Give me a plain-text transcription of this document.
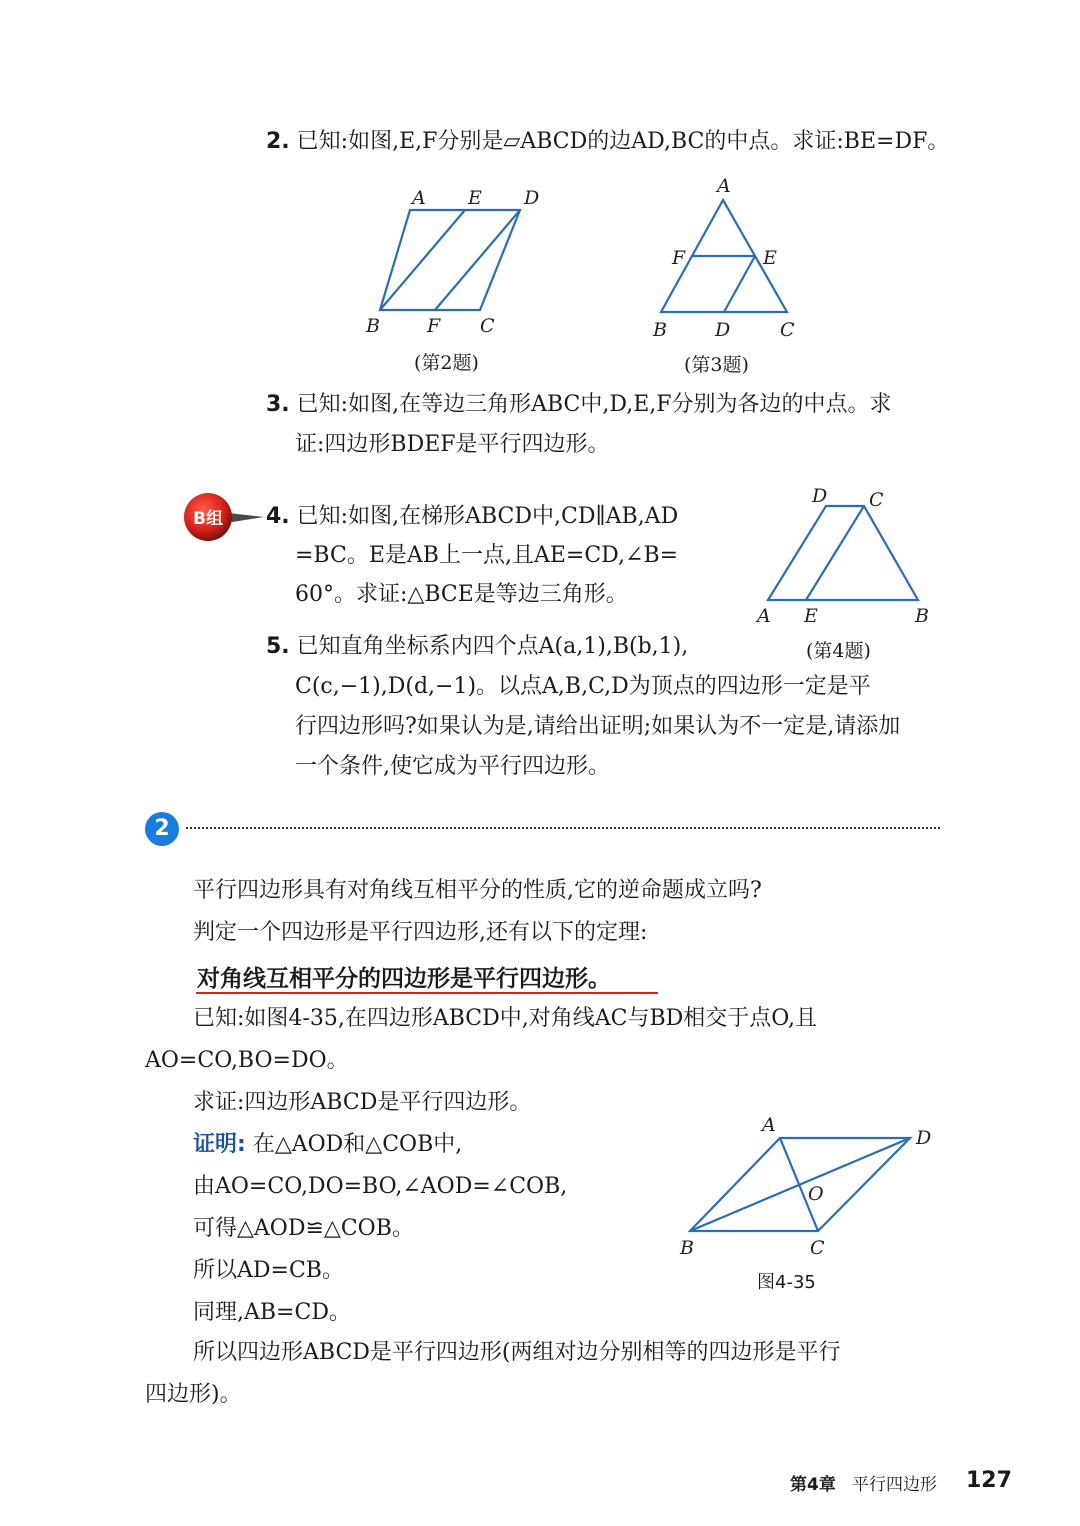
2. 已知:如图,E,F分别是▱ABCD的边AD,BC的中点。求证:BE=DF。
A E D
B F C
(第2题)
A
F	E
B	D	C
(第3题)
3. 已知:如图,在等边三角形ABC中,D,E,F分别为各边的中点。求
证:四边形BDEF是平行四边形。
B组 4. 已知:如图,在梯形ABCD中,CD∥AB,AD
=BC。E是AB上一点,且AE=CD,∠B=
60°。求证:△BCE是等边三角形。
D C
A E	B
(第4题)
5. 已知直角坐标系内四个点A(a,1),B(b,1),
C(c,−1),D(d,−1)。以点A,B,C,D为顶点的四边形一定是平
行四边形吗?如果认为是,请给出证明;如果认为不一定是,请添加
一个条件,使它成为平行四边形。
2
平行四边形具有对角线互相平分的性质,它的逆命题成立吗?
判定一个四边形是平行四边形,还有以下的定理:
对角线互相平分的四边形是平行四边形。
已知:如图4-35,在四边形ABCD中,对角线AC与BD相交于点O,且
AO=CO,BO=DO。
求证:四边形ABCD是平行四边形。
证明: 在△AOD和△COB中,
由AO=CO,DO=BO,∠AOD=∠COB,
可得△AOD≌△COB。
所以AD=CB。
同理,AB=CD。
所以四边形ABCD是平行四边形(两组对边分别相等的四边形是平行
四边形)。
A
D
O
B	C
图4-35
第4章 平行四边形 127
